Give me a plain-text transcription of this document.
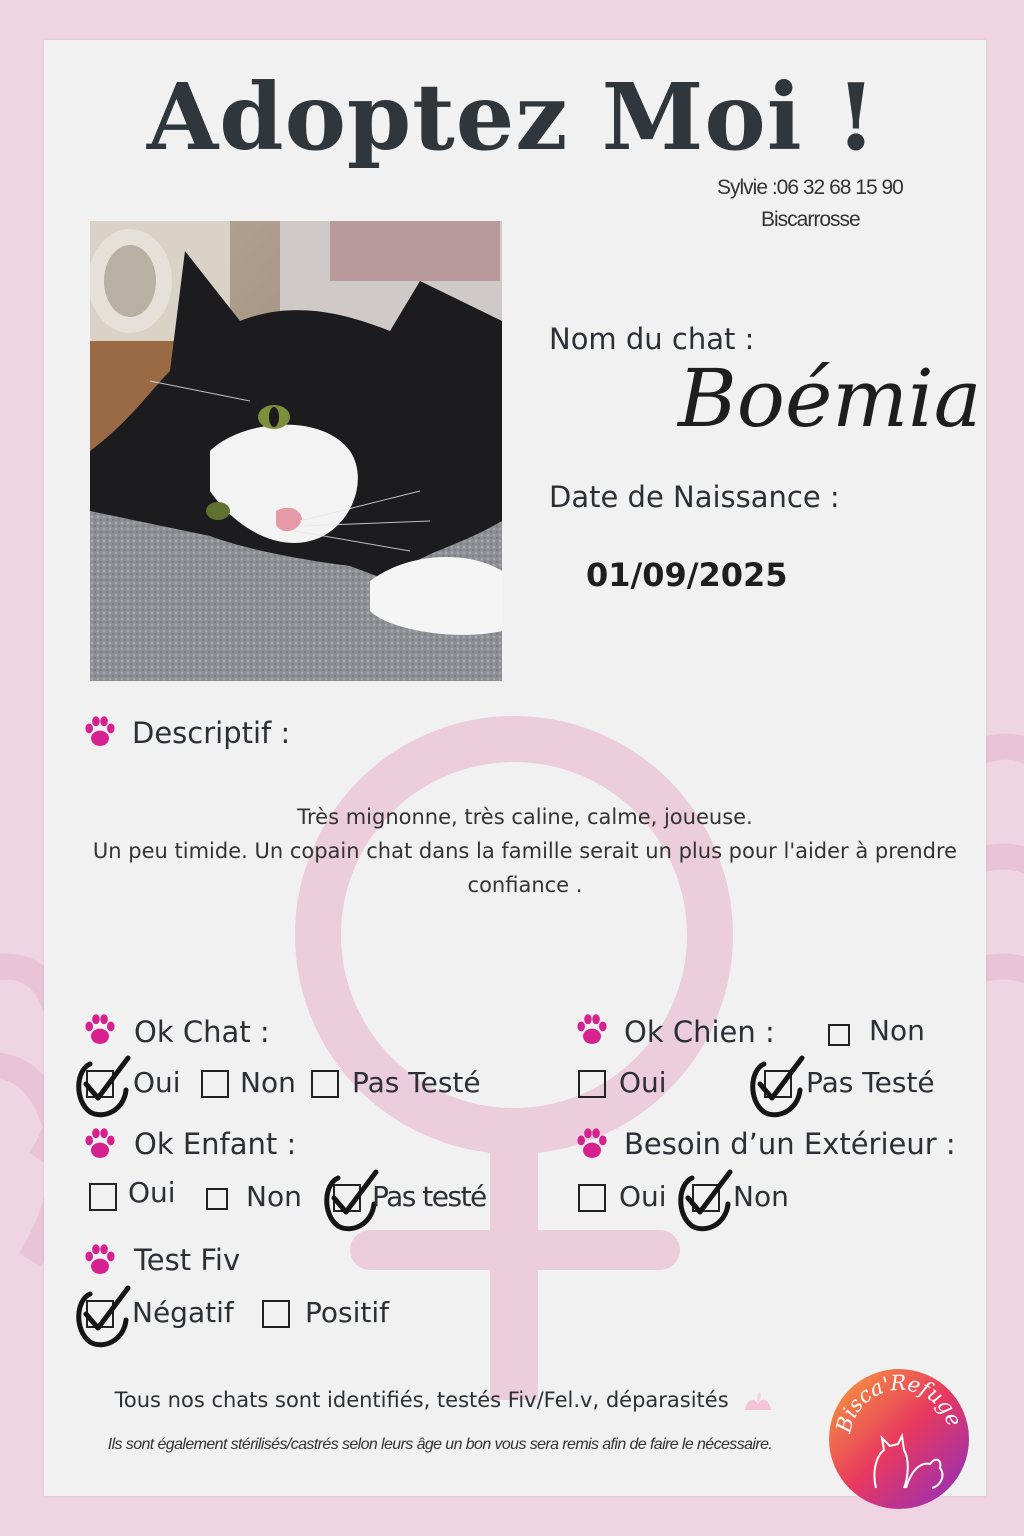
Adoptez Moi !
Sylvie :06 32 68 15 90
Biscarrosse
Nom du chat :
Boémia
Date de Naissance :
01/09/2025
Descriptif :
Très mignonne, très caline, calme, joueuse.
Un peu timide. Un copain chat dans la famille serait un plus pour l'aider à prendre
confiance .
Ok Chat :
Oui Non Pas Testé
Ok Chien :	Non
Oui	Pas Testé
Ok Enfant :
Oui	Non	Pas testé
Besoin d’un Extérieur :
Oui Non
Test Fiv
Négatif	Positif
Tous nos chats sont identifiés, testés Fiv/Fel.v, déparasités
Ils sont également stérilisés/castrés selon leurs âge un bon vous sera remis afin de faire le nécessaire.
Bisca'Refuge
